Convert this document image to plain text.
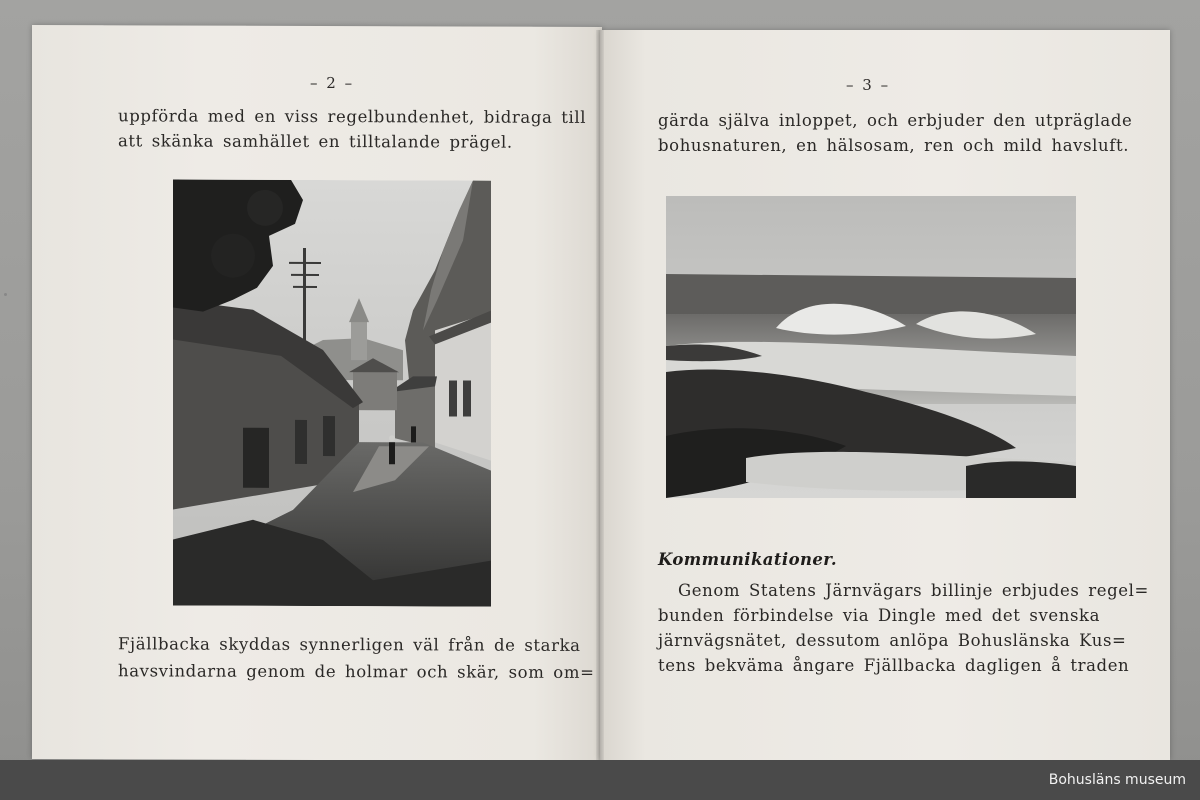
– 2 –
uppförda med en viss regelbundenhet, bidraga till
att skänka samhället en tilltalande prägel.
Fjällbacka skyddas synnerligen väl från de starka
havsvindarna genom de holmar och skär, som om=
– 3 –
gärda själva inloppet, och erbjuder den utpräglade
bohusnaturen, en hälsosam, ren och mild havsluft.
Kommunikationer.
Genom Statens Järnvägars billinje erbjudes regel=
bunden förbindelse via Dingle med det svenska
järnvägsnätet, dessutom anlöpa Bohuslänska Kus=
tens bekväma ångare Fjällbacka dagligen å traden
Bohusläns museum
